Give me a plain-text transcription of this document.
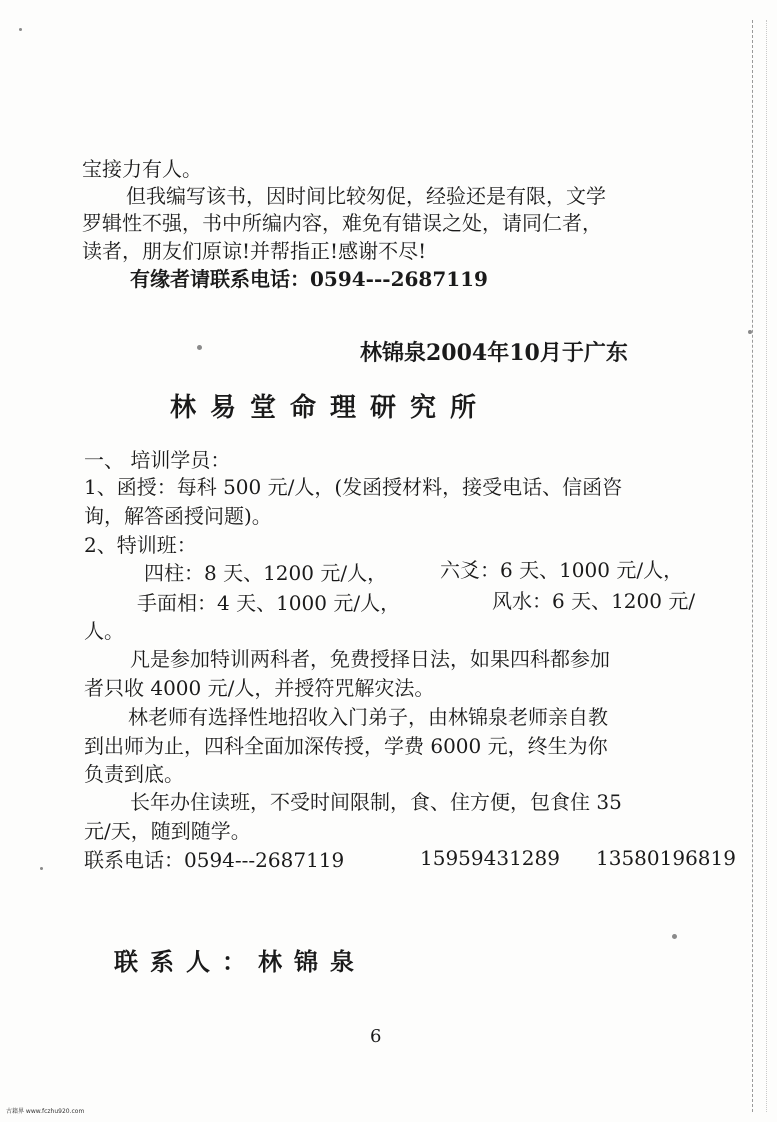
宝接力有人。
但我编写该书，因时间比较匆促，经验还是有限，文学
罗辑性不强，书中所编内容，难免有错误之处，请同仁者，
读者，朋友们原谅!并帮指正!感谢不尽!
有缘者请联系电话：0594---2687119
林锦泉2004年10月于广东
林易堂命理研究所
一、 培训学员：
1、函授：每科 500 元/人，(发函授材料，接受电话、信函咨
询，解答函授问题)。
2、特训班：
四柱：8 天、1200 元/人，	六爻：6 天、1000 元/人，
手面相：4 天、1000 元/人，	风水：6 天、1200 元/
人。
凡是参加特训两科者，免费授择日法，如果四科都参加
者只收 4000 元/人，并授符咒解灾法。
林老师有选择性地招收入门弟子，由林锦泉老师亲自教
到出师为止，四科全面加深传授，学费 6000 元，终生为你
负责到底。
长年办住读班，不受时间限制，食、住方便，包食住 35
元/天，随到随学。
联系电话：0594---2687119	15959431289 13580196819
联系人：林锦泉
6
古籍界 www.fczhu920.com
